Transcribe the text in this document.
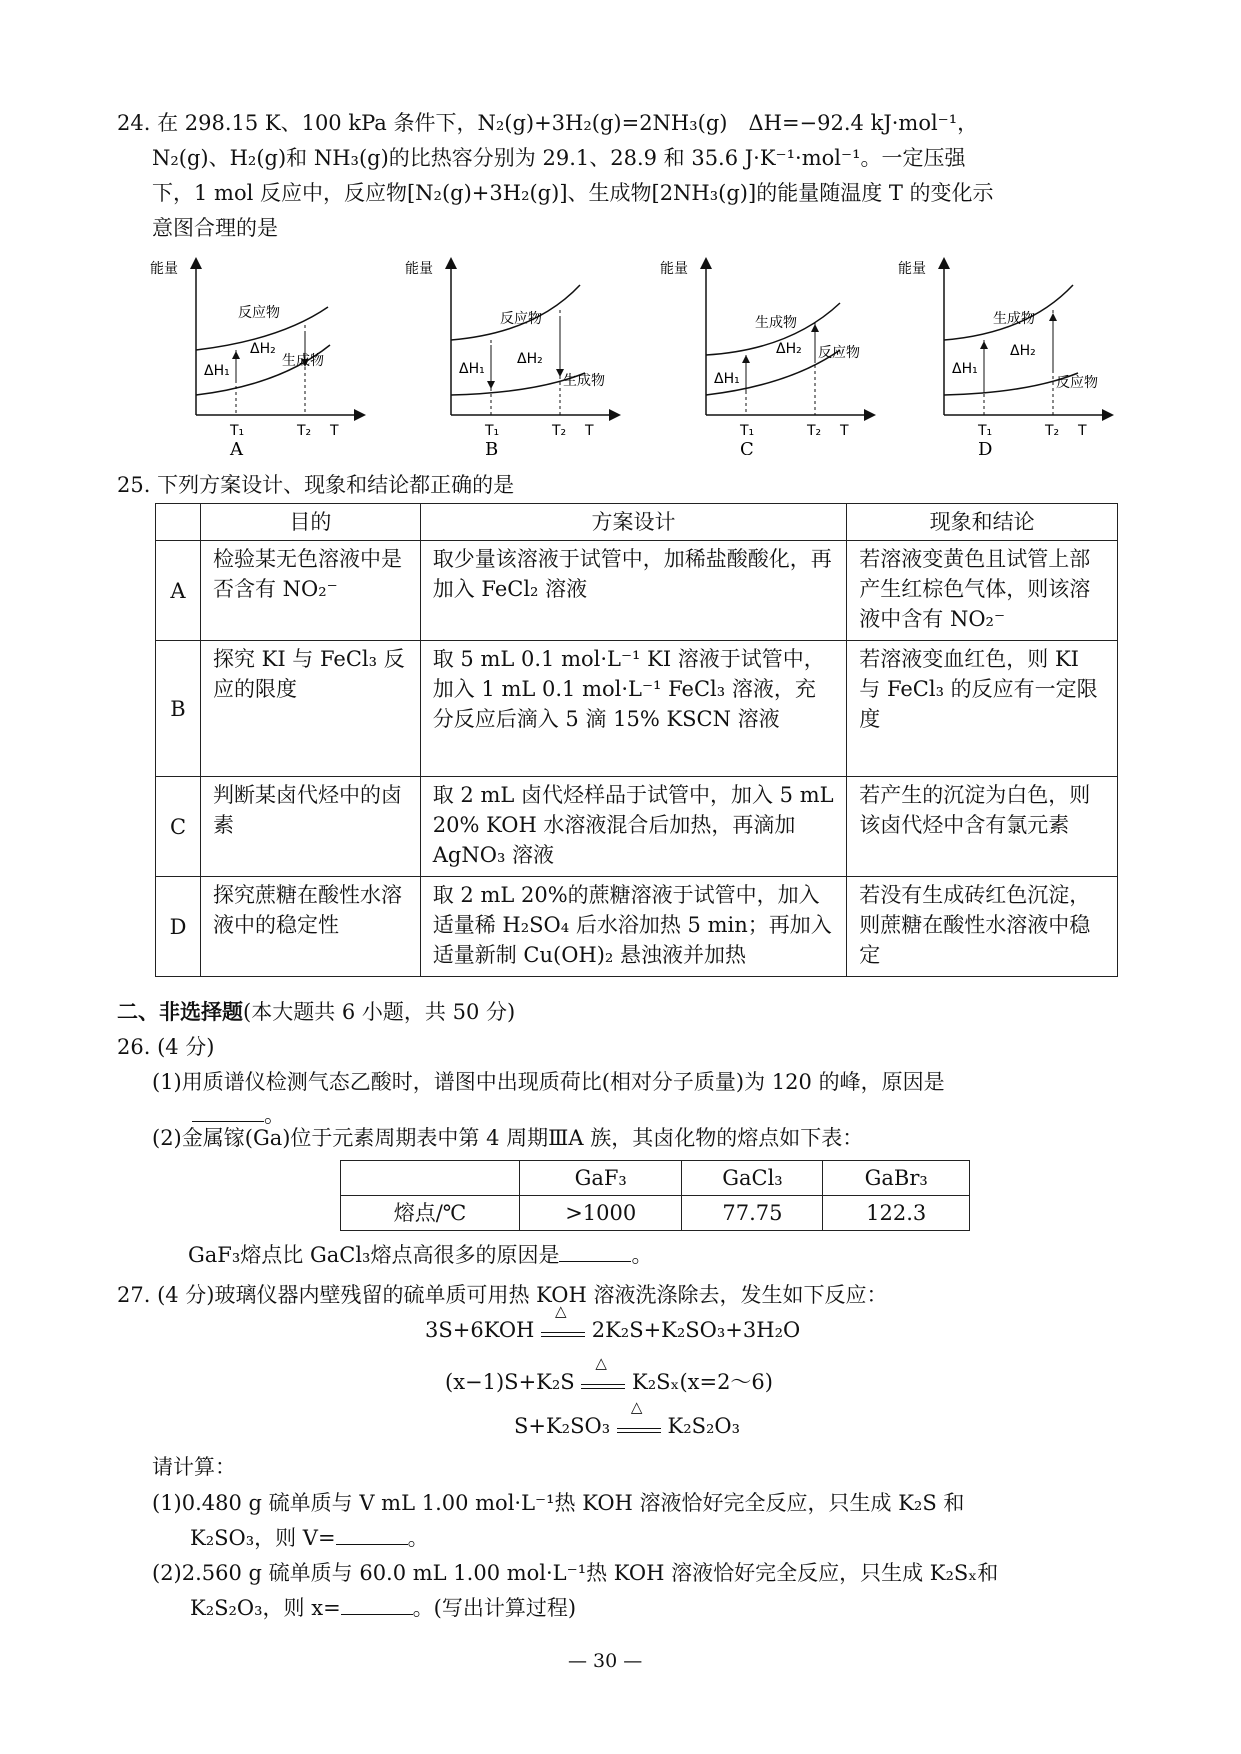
24. 在 298.15 K、100 kPa 条件下，N₂(g)+3H₂(g)=2NH₃(g)　ΔH=−92.4 kJ·mol⁻¹，
N₂(g)、H₂(g)和 NH₃(g)的比热容分别为 29.1、28.9 和 35.6 J·K⁻¹·mol⁻¹。一定压强
下，1 mol 反应中，反应物[N₂(g)+3H₂(g)]、生成物[2NH₃(g)]的能量随温度 T 的变化示
意图合理的是
能量
反应物
生成物
ΔH₁
ΔH₂
T₁	T₂ T
A
能量
反应物
生成物
ΔH₁
ΔH₂
T₁	T₂ T
B
能量
生成物
反应物
ΔH₁
ΔH₂
T₁	T₂ T
C
能量
生成物
反应物
ΔH₁
ΔH₂
T₁	T₂ T
D
25. 下列方案设计、现象和结论都正确的是
	目的	方案设计	现象和结论
A	检验某无色溶液中是否含有 NO₂⁻	取少量该溶液于试管中，加稀盐酸酸化，再加入 FeCl₂ 溶液	若溶液变黄色且试管上部产生红棕色气体，则该溶液中含有 NO₂⁻
B	探究 KI 与 FeCl₃ 反应的限度	取 5 mL 0.1 mol·L⁻¹ KI 溶液于试管中，加入 1 mL 0.1 mol·L⁻¹ FeCl₃ 溶液，充分反应后滴入 5 滴 15% KSCN 溶液	若溶液变血红色，则 KI 与 FeCl₃ 的反应有一定限度
C	判断某卤代烃中的卤素	取 2 mL 卤代烃样品于试管中，加入 5 mL 20% KOH 水溶液混合后加热，再滴加 AgNO₃ 溶液	若产生的沉淀为白色，则该卤代烃中含有氯元素
D	探究蔗糖在酸性水溶液中的稳定性	取 2 mL 20%的蔗糖溶液于试管中，加入适量稀 H₂SO₄ 后水浴加热 5 min；再加入适量新制 Cu(OH)₂ 悬浊液并加热	若没有生成砖红色沉淀，则蔗糖在酸性水溶液中稳定
二、非选择题(本大题共 6 小题，共 50 分)
26. (4 分)
(1)用质谱仪检测气态乙酸时，谱图中出现质荷比(相对分子质量)为 120 的峰，原因是
。
(2)金属镓(Ga)位于元素周期表中第 4 周期ⅢA 族，其卤化物的熔点如下表：
	GaF₃	GaCl₃	GaBr₃
熔点/℃	>1000	77.75	122.3
GaF₃熔点比 GaCl₃熔点高很多的原因是	。
27. (4 分)玻璃仪器内壁残留的硫单质可用热 KOH 溶液洗涤除去，发生如下反应：
3S+6KOH
△
2K₂S+K₂SO₃+3H₂O
(x−1)S+K₂S
△
K₂Sₓ(x=2～6)
S+K₂SO₃
△
K₂S₂O₃
请计算：
(1)0.480 g 硫单质与 V mL 1.00 mol·L⁻¹热 KOH 溶液恰好完全反应，只生成 K₂S 和
K₂SO₃，则 V=	。
(2)2.560 g 硫单质与 60.0 mL 1.00 mol·L⁻¹热 KOH 溶液恰好完全反应，只生成 K₂Sₓ和
K₂S₂O₃，则 x=	。(写出计算过程)
— 30 —
